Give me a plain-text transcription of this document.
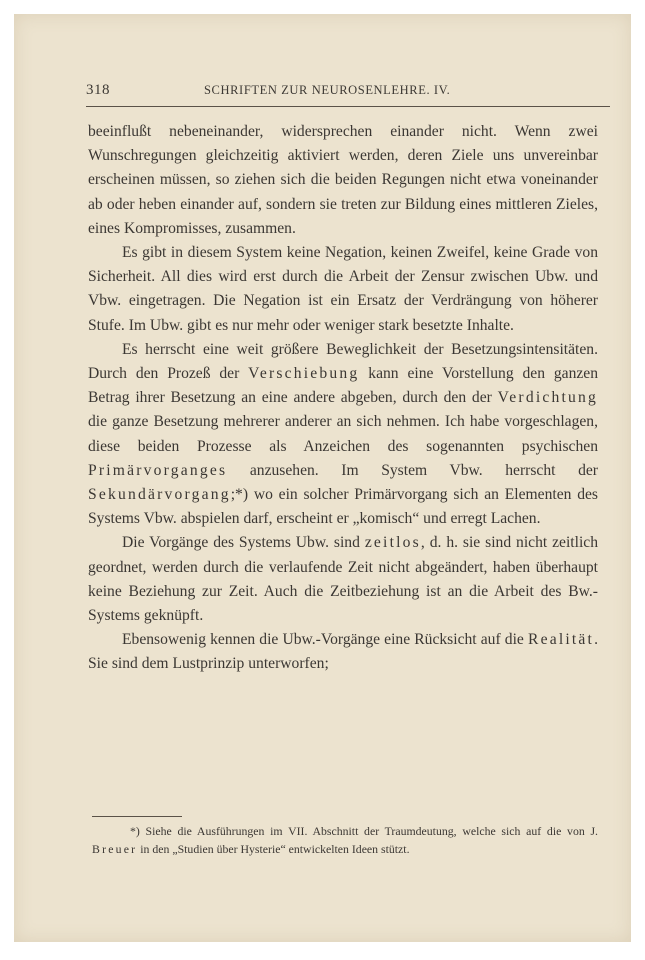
318	SCHRIFTEN ZUR NEUROSENLEHRE. IV.

beeinflußt nebeneinander, widersprechen einander nicht. Wenn zwei Wunschregungen gleichzeitig aktiviert werden, deren Ziele uns unvereinbar erscheinen müssen, so ziehen sich die beiden Regungen nicht etwa voneinander ab oder heben einander auf, sondern sie treten zur Bildung eines mittleren Zieles, eines Kompromisses, zusammen.

Es gibt in diesem System keine Negation, keinen Zweifel, keine Grade von Sicherheit. All dies wird erst durch die Arbeit der Zensur zwischen Ubw. und Vbw. eingetragen. Die Negation ist ein Ersatz der Verdrängung von höherer Stufe. Im Ubw. gibt es nur mehr oder weniger stark besetzte Inhalte.

Es herrscht eine weit größere Beweglichkeit der Besetzungsintensitäten. Durch den Prozeß der Verschiebung kann eine Vorstellung den ganzen Betrag ihrer Besetzung an eine andere abgeben, durch den der Verdichtung die ganze Besetzung mehrerer anderer an sich nehmen. Ich habe vorgeschlagen, diese beiden Prozesse als Anzeichen des sogenannten psychischen Primärvorganges anzusehen. Im System Vbw. herrscht der Sekundärvorgang;*) wo ein solcher Primärvorgang sich an Elementen des Systems Vbw. abspielen darf, erscheint er „komisch“ und erregt Lachen.

Die Vorgänge des Systems Ubw. sind zeitlos, d. h. sie sind nicht zeitlich geordnet, werden durch die verlaufende Zeit nicht abgeändert, haben überhaupt keine Beziehung zur Zeit. Auch die Zeitbeziehung ist an die Arbeit des Bw.-Systems geknüpft.

Ebensowenig kennen die Ubw.-Vorgänge eine Rücksicht auf die Realität. Sie sind dem Lustprinzip unterworfen;

*) Siehe die Ausführungen im VII. Abschnitt der Traumdeutung, welche sich auf die von J. Breuer in den „Studien über Hysterie“ entwickelten Ideen stützt.
